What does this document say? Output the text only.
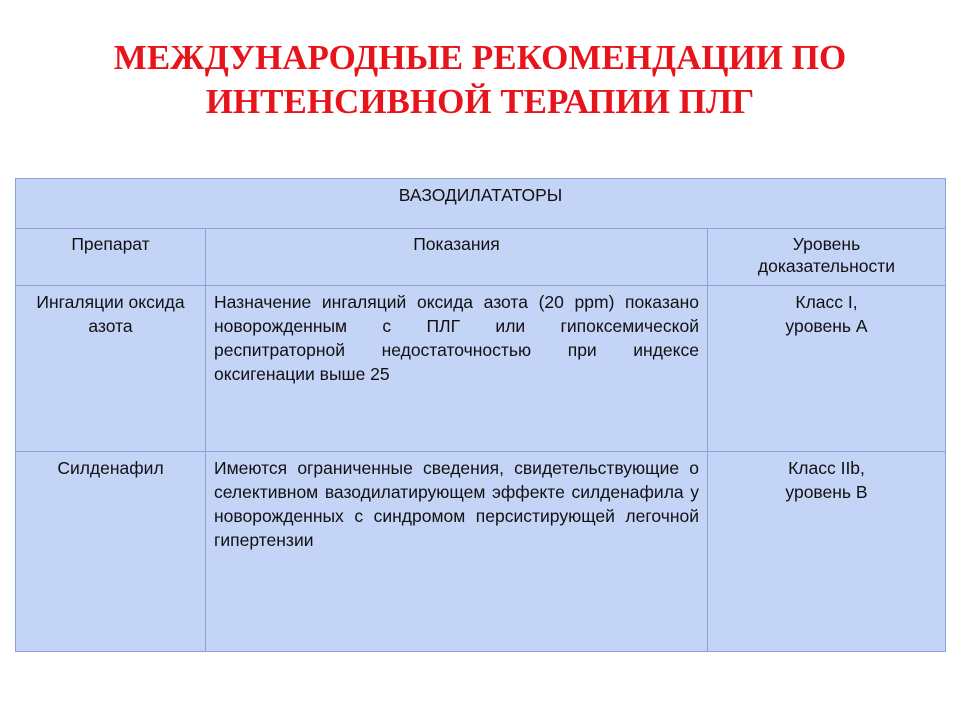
МЕЖДУНАРОДНЫЕ РЕКОМЕНДАЦИИ ПО
ИНТЕНСИВНОЙ ТЕРАПИИ ПЛГ
ВАЗОДИЛАТАТОРЫ		
Препарат	Показания	Уровень
доказательности

Ингаляции оксида азота	Назначение ингаляций оксида азота (20 ppm) показано новорожденным с ПЛГ или гипоксемической респитраторной недостаточностью при индексе оксигенации выше 25	Класс I,
уровень А

Силденафил	Имеются ограниченные сведения, свидетельствующие о селективном вазодилатирующем эффекте силденафила у новорожденных с синдромом персистирующей легочной гипертензии	Класс IIb,
уровень В
